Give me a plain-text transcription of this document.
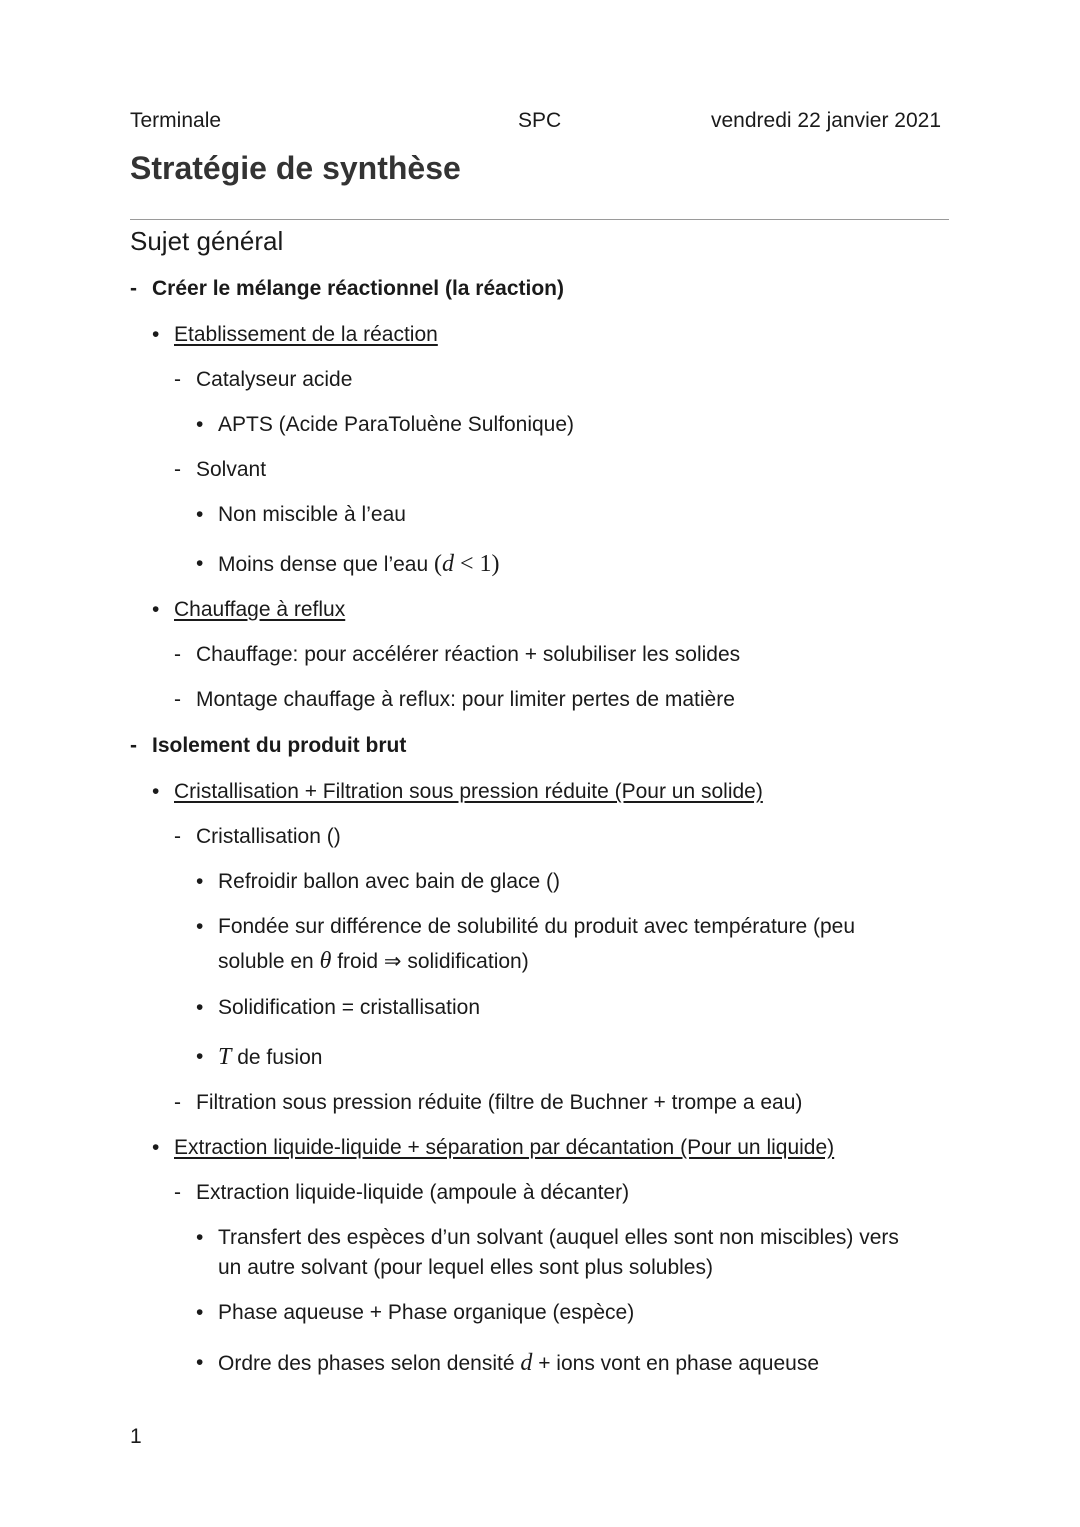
Terminale	SPC	vendredi 22 janvier 2021
Stratégie de synthèse
Sujet général
- Créer le mélange réactionnel (la réaction)
• Etablissement de la réaction
- Catalyseur acide
• APTS (Acide ParaToluène Sulfonique)
- Solvant
• Non miscible à l’eau
• Moins dense que l’eau (d < 1)
• Chauffage à reflux
- Chauffage: pour accélérer réaction + solubiliser les solides
- Montage chauffage à reflux: pour limiter pertes de matière
- Isolement du produit brut
• Cristallisation + Filtration sous pression réduite (Pour un solide)
- Cristallisation ()
• Refroidir ballon avec bain de glace ()
• Fondée sur différence de solubilité du produit avec température (peu
soluble en θ froid ⇒ solidification)
• Solidification = cristallisation
• T de fusion
- Filtration sous pression réduite (filtre de Buchner + trompe a eau)
• Extraction liquide-liquide + séparation par décantation (Pour un liquide)
- Extraction liquide-liquide (ampoule à décanter)
• Transfert des espèces d’un solvant (auquel elles sont non miscibles) vers
un autre solvant (pour lequel elles sont plus solubles)
• Phase aqueuse + Phase organique (espèce)
• Ordre des phases selon densité d + ions vont en phase aqueuse
1
